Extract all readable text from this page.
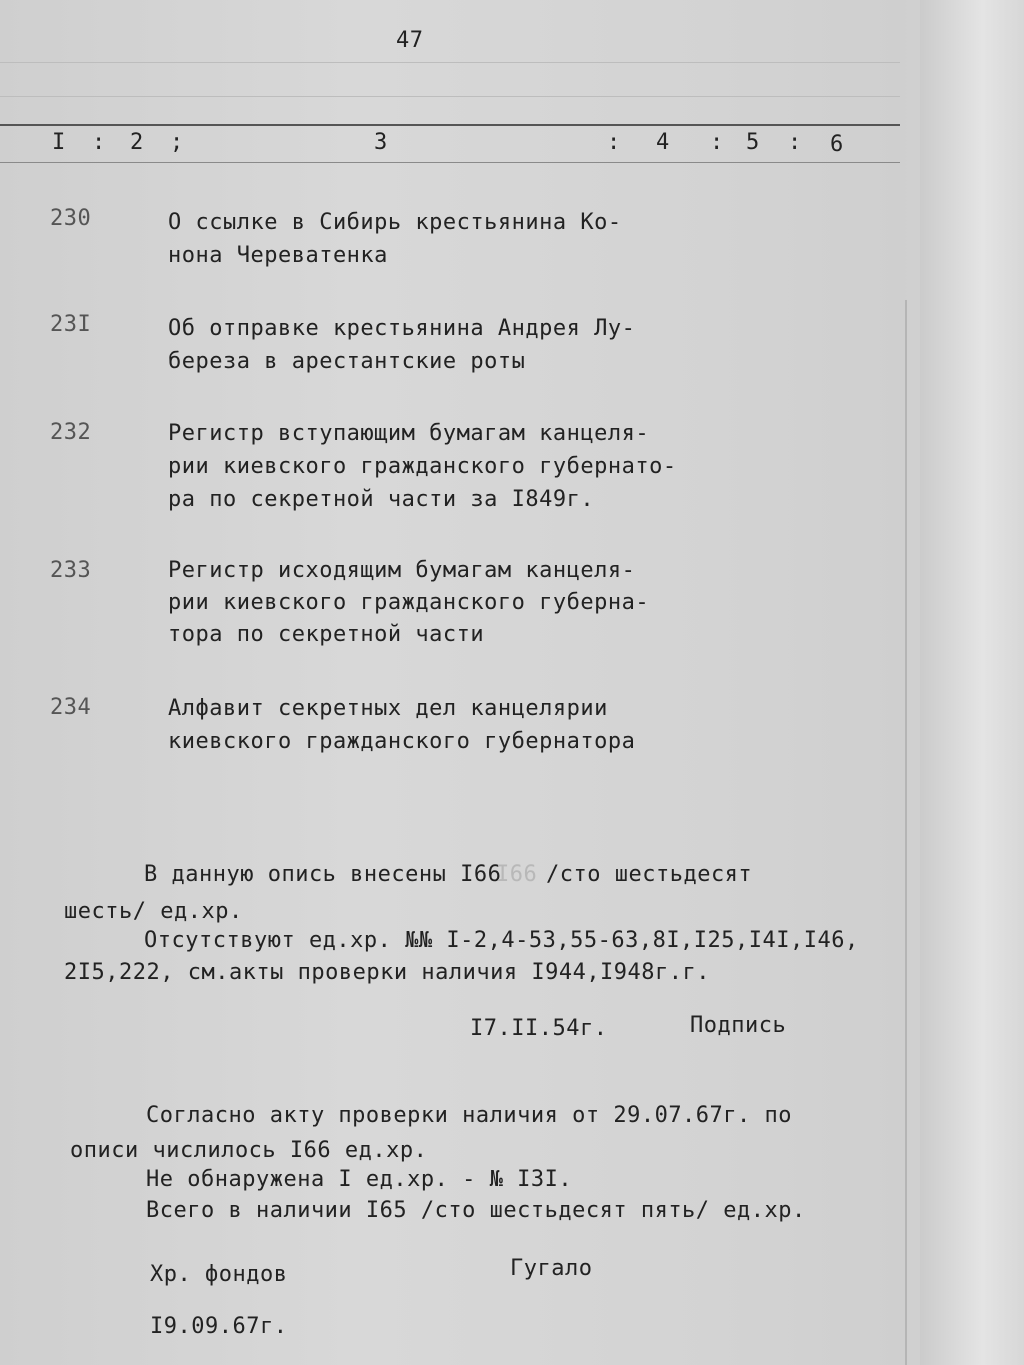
47
I : 2 ;	3	: 4 : 5 : 6
230	О ссылке в Сибирь крестьянина Ко-
нона Череватенка
23I	Об отправке крестьянина Андрея Лу-
береза в арестантские роты
232	Регистр вступающим бумагам канцеля-
рии киевского гражданского губернато-
ра по секретной части за I849г.
233	Регистр исходящим бумагам канцеля-
рии киевского гражданского губерна-
тора по секретной части
234	Алфавит секретных дел канцелярии
киевского гражданского губернатора
В данную опись внесены I66
I66 /сто шестьдесят
шесть/ ед.хр.
Отсутствуют ед.хр. №№ I-2,4-53,55-63,8I,I25,I4I,I46,
2I5,222, см.акты проверки наличия I944,I948г.г.
I7.II.54г.	Подпись
Согласно акту проверки наличия от 29.07.67г. по
описи числилось I66 ед.хр.
Не обнаружена I ед.хр. - № I3I.
Всего в наличии I65 /сто шестьдесят пять/ ед.хр.
Хр. фондов	Гугало
I9.09.67г.
